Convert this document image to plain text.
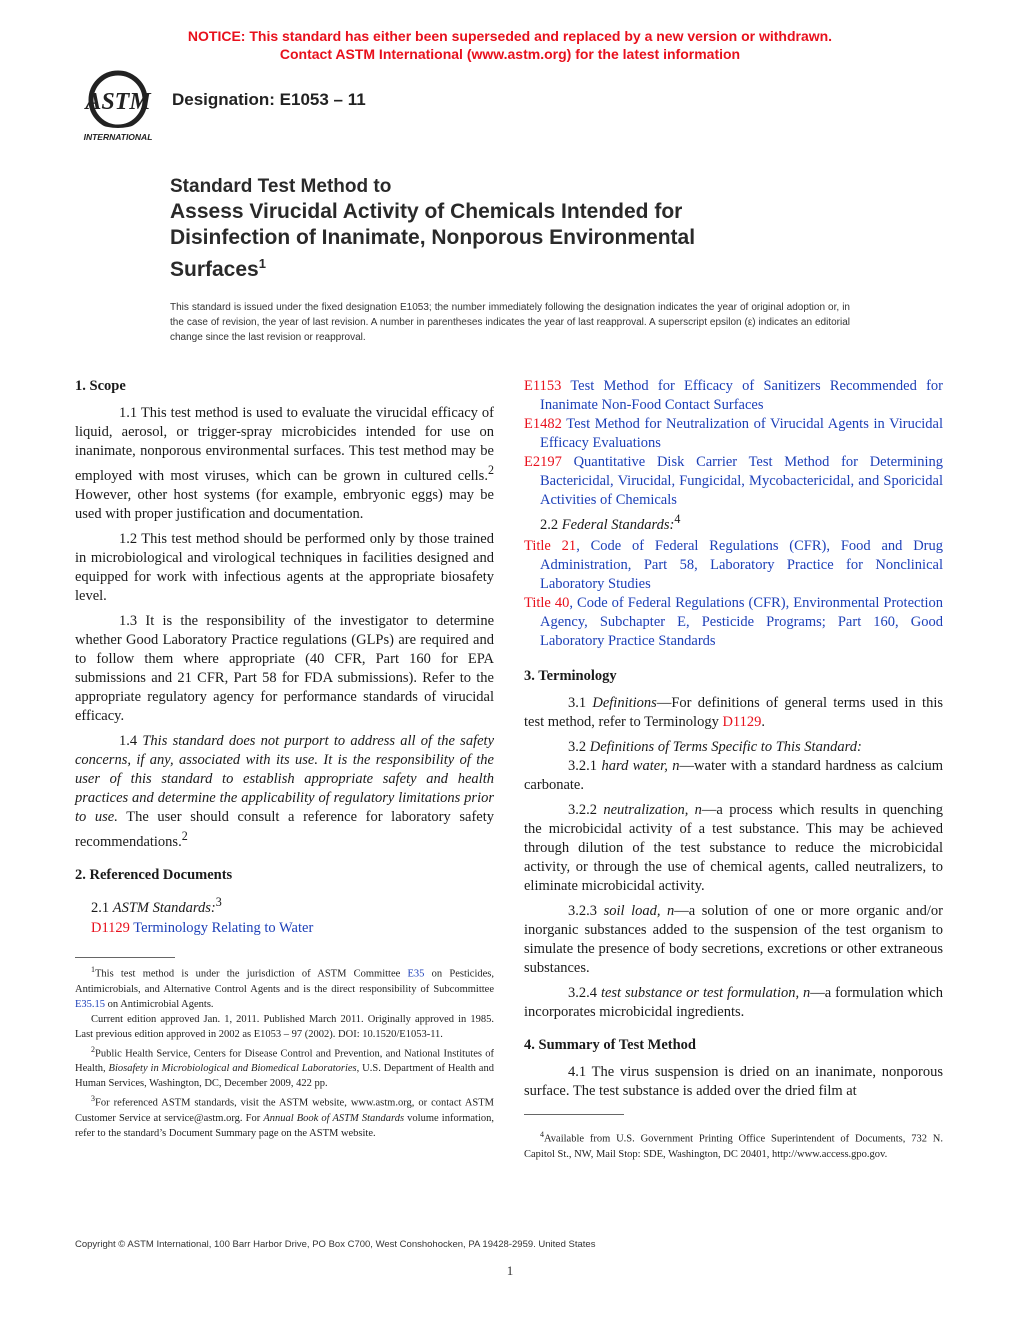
NOTICE: This standard has either been superseded and replaced by a new version or withdrawn.
Contact ASTM International (www.astm.org) for the latest information
ASTM
INTERNATIONAL
Designation: E1053 – 11
Standard Test Method to
Assess Virucidal Activity of Chemicals Intended for
Disinfection of Inanimate, Nonporous Environmental
Surfaces$^1$
This standard is issued under the fixed designation E1053; the number immediately following the designation indicates the year of original adoption or, in the case of revision, the year of last revision. A number in parentheses indicates the year of last reapproval. A superscript epsilon (ε) indicates an editorial change since the last revision or reapproval.
1. Scope
1.1 This test method is used to evaluate the virucidal efficacy of liquid, aerosol, or trigger-spray microbicides intended for use on inanimate, nonporous environmental surfaces. This test method may be employed with most viruses, which can be grown in cultured cells.$^2$ However, other host systems (for example, embryonic eggs) may be used with proper justification and documentation.
1.2 This test method should be performed only by those trained in microbiological and virological techniques in facilities designed and equipped for work with infectious agents at the appropriate biosafety level.
1.3 It is the responsibility of the investigator to determine whether Good Laboratory Practice regulations (GLPs) are required and to follow them where appropriate (40 CFR, Part 160 for EPA submissions and 21 CFR, Part 58 for FDA submissions). Refer to the appropriate regulatory agency for performance standards of virucidal efficacy.
1.4 This standard does not purport to address all of the safety concerns, if any, associated with its use. It is the responsibility of the user of this standard to establish appropriate safety and health practices and determine the applicability of regulatory limitations prior to use. The user should consult a reference for laboratory safety recommendations.$^2$
2. Referenced Documents
2.1 ASTM Standards:$^3$
D1129 Terminology Relating to Water
$^1$This test method is under the jurisdiction of ASTM Committee E35 on Pesticides, Antimicrobials, and Alternative Control Agents and is the direct responsibility of Subcommittee E35.15 on Antimicrobial Agents.
Current edition approved Jan. 1, 2011. Published March 2011. Originally approved in 1985. Last previous edition approved in 2002 as E1053 – 97 (2002). DOI: 10.1520/E1053-11.
$^2$Public Health Service, Centers for Disease Control and Prevention, and National Institutes of Health, Biosafety in Microbiological and Biomedical Laboratories, U.S. Department of Health and Human Services, Washington, DC, December 2009, 422 pp.
$^3$For referenced ASTM standards, visit the ASTM website, www.astm.org, or contact ASTM Customer Service at service@astm.org. For Annual Book of ASTM Standards volume information, refer to the standard’s Document Summary page on the ASTM website.
E1153 Test Method for Efficacy of Sanitizers Recommended for Inanimate Non-Food Contact Surfaces
E1482 Test Method for Neutralization of Virucidal Agents in Virucidal Efficacy Evaluations
E2197 Quantitative Disk Carrier Test Method for Determining Bactericidal, Virucidal, Fungicidal, Mycobactericidal, and Sporicidal Activities of Chemicals
2.2 Federal Standards:$^4$
Title 21, Code of Federal Regulations (CFR), Food and Drug Administration, Part 58, Laboratory Practice for Nonclinical Laboratory Studies
Title 40, Code of Federal Regulations (CFR), Environmental Protection Agency, Subchapter E, Pesticide Programs; Part 160, Good Laboratory Practice Standards
3. Terminology
3.1 Definitions—For definitions of general terms used in this test method, refer to Terminology D1129.
3.2 Definitions of Terms Specific to This Standard:
3.2.1 hard water, n—water with a standard hardness as calcium carbonate.
3.2.2 neutralization, n—a process which results in quenching the microbicidal activity of a test substance. This may be achieved through dilution of the test substance to reduce the microbicidal activity, or through the use of chemical agents, called neutralizers, to eliminate microbicidal activity.
3.2.3 soil load, n—a solution of one or more organic and/or inorganic substances added to the suspension of the test organism to simulate the presence of body secretions, excretions or other extraneous substances.
3.2.4 test substance or test formulation, n—a formulation which incorporates microbicidal ingredients.
4. Summary of Test Method
4.1 The virus suspension is dried on an inanimate, nonporous surface. The test substance is added over the dried film at
$^4$Available from U.S. Government Printing Office Superintendent of Documents, 732 N. Capitol St., NW, Mail Stop: SDE, Washington, DC 20401, http://www.access.gpo.gov.
Copyright © ASTM International, 100 Barr Harbor Drive, PO Box C700, West Conshohocken, PA 19428-2959. United States
1
